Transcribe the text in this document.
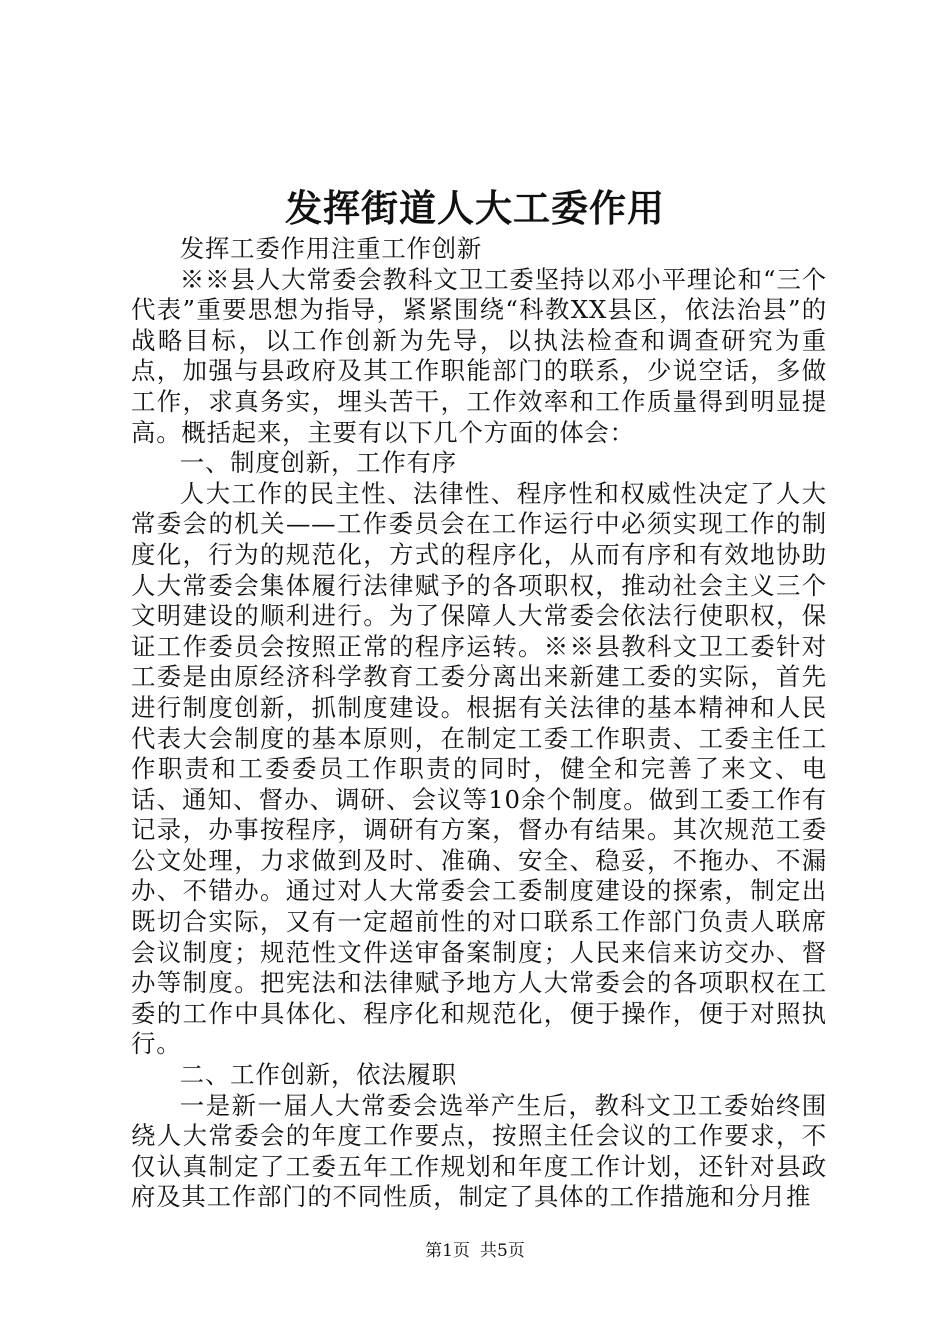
发挥街道人大工委作用

发挥工委作用注重工作创新

※※县人大常委会教科文卫工委坚持以邓小平理论和“三个代表”重要思想为指导，紧紧围绕“科教XX县区，依法治县”的战略目标，以工作创新为先导，以执法检查和调查研究为重点，加强与县政府及其工作职能部门的联系，少说空话，多做工作，求真务实，埋头苦干，工作效率和工作质量得到明显提高。概括起来，主要有以下几个方面的体会：

一、制度创新，工作有序

人大工作的民主性、法律性、程序性和权威性决定了人大常委会的机关——工作委员会在工作运行中必须实现工作的制度化，行为的规范化，方式的程序化，从而有序和有效地协助人大常委会集体履行法律赋予的各项职权，推动社会主义三个文明建设的顺利进行。为了保障人大常委会依法行使职权，保证工作委员会按照正常的程序运转。※※县教科文卫工委针对工委是由原经济科学教育工委分离出来新建工委的实际，首先进行制度创新，抓制度建设。根据有关法律的基本精神和人民代表大会制度的基本原则，在制定工委工作职责、工委主任工作职责和工委委员工作职责的同时，健全和完善了来文、电话、通知、督办、调研、会议等10余个制度。做到工委工作有记录，办事按程序，调研有方案，督办有结果。其次规范工委公文处理，力求做到及时、准确、安全、稳妥，不拖办、不漏办、不错办。通过对人大常委会工委制度建设的探索，制定出既切合实际，又有一定超前性的对口联系工作部门负责人联席会议制度；规范性文件送审备案制度；人民来信来访交办、督办等制度。把宪法和法律赋予地方人大常委会的各项职权在工委的工作中具体化、程序化和规范化，便于操作，便于对照执行。

二、工作创新，依法履职

一是新一届人大常委会选举产生后，教科文卫工委始终围绕人大常委会的年度工作要点，按照主任会议的工作要求，不仅认真制定了工委五年工作规划和年度工作计划，还针对县政府及其工作部门的不同性质，制定了具体的工作措施和分月推

第1页 共5页
